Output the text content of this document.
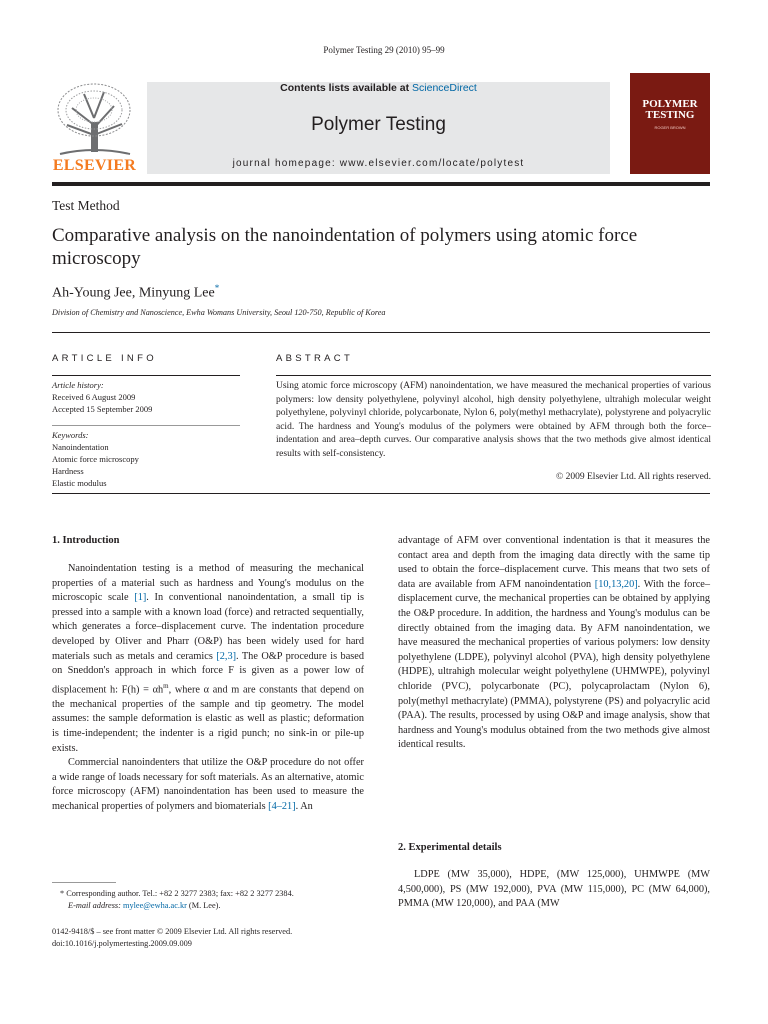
Polymer Testing 29 (2010) 95–99
ELSEVIER
Contents lists available at ScienceDirect
Polymer Testing
journal homepage: www.elsevier.com/locate/polytest
POLYMER
TESTING
ROGER BROWN
Test Method
Comparative analysis on the nanoindentation of polymers using atomic force microscopy
Ah-Young Jee, Minyung Lee*
Division of Chemistry and Nanoscience, Ewha Womans University, Seoul 120-750, Republic of Korea
ARTICLE INFO
Article history:
Received 6 August 2009
Accepted 15 September 2009
Keywords:
Nanoindentation
Atomic force microscopy
Hardness
Elastic modulus
ABSTRACT
Using atomic force microscopy (AFM) nanoindentation, we have measured the mechanical properties of various polymers: low density polyethylene, polyvinyl alcohol, high density polyethylene, ultrahigh molecular weight polyethylene, polyvinyl chloride, polycarbonate, Nylon 6, poly(methyl methacrylate), polystyrene and polyacrylic acid. The hardness and Young's modulus of the polymers were obtained by AFM through both the force–indentation and area–depth curves. Our comparative analysis shows that the two methods give almost identical results with self-consistency.
© 2009 Elsevier Ltd. All rights reserved.
1. Introduction

Nanoindentation testing is a method of measuring the mechanical properties of a material such as hardness and Young's modulus on the microscopic scale [1]. In conventional nanoindentation, a small tip is pressed into a sample with a known load (force) and retracted sequentially, which generates a force–displacement curve. The indentation procedure developed by Oliver and Pharr (O&P) has been widely used for hard materials such as metals and ceramics [2,3]. The O&P procedure is based on Sneddon's approach in which force F is given as a power low of displacement h: $F(h) = \alpha h^m$, where α and m are constants that depend on the mechanical properties of the sample and tip geometry. The model assumes: the sample deformation is elastic as well as plastic; deformation is time-independent; the indenter is a rigid punch; no sink-in or pile-up exists.

Commercial nanoindenters that utilize the O&P procedure do not offer a wide range of loads necessary for soft materials. As an alternative, atomic force microscopy (AFM) nanoindentation has been used to measure the mechanical properties of polymers and biomaterials [4–21]. An

* Corresponding author. Tel.: +82 2 3277 2383; fax: +82 2 3277 2384.
E-mail address: mylee@ewha.ac.kr (M. Lee).
0142-9418/$ – see front matter © 2009 Elsevier Ltd. All rights reserved.
doi:10.1016/j.polymertesting.2009.09.009

advantage of AFM over conventional indentation is that it measures the contact area and depth from the imaging data directly with the same tip used to obtain the force–displacement curve. This means that two sets of data are available from AFM nanoindentation [10,13,20]. With the force–displacement curve, the mechanical properties can be obtained by applying the O&P procedure. In addition, the hardness and Young's modulus can be directly obtained from the imaging data. By AFM nanoindentation, we have measured the mechanical properties of various polymers: low density polyethylene (LDPE), polyvinyl alcohol (PVA), high density polyethylene (HDPE), ultrahigh molecular weight polyethylene (UHMWPE), polyvinyl chloride (PVC), polycarbonate (PC), polycaprolactam (Nylon 6), poly(methyl methacrylate) (PMMA), polystyrene (PS) and polyacrylic acid (PAA). The results, processed by using O&P and image analysis, show that hardness and Young's modulus obtained from the two methods give almost identical results.

2. Experimental details

LDPE (MW 35,000), HDPE, (MW 125,000), UHMWPE (MW 4,500,000), PS (MW 192,000), PVA (MW 115,000), PC (MW 64,000), PMMA (MW 120,000), and PAA (MW
